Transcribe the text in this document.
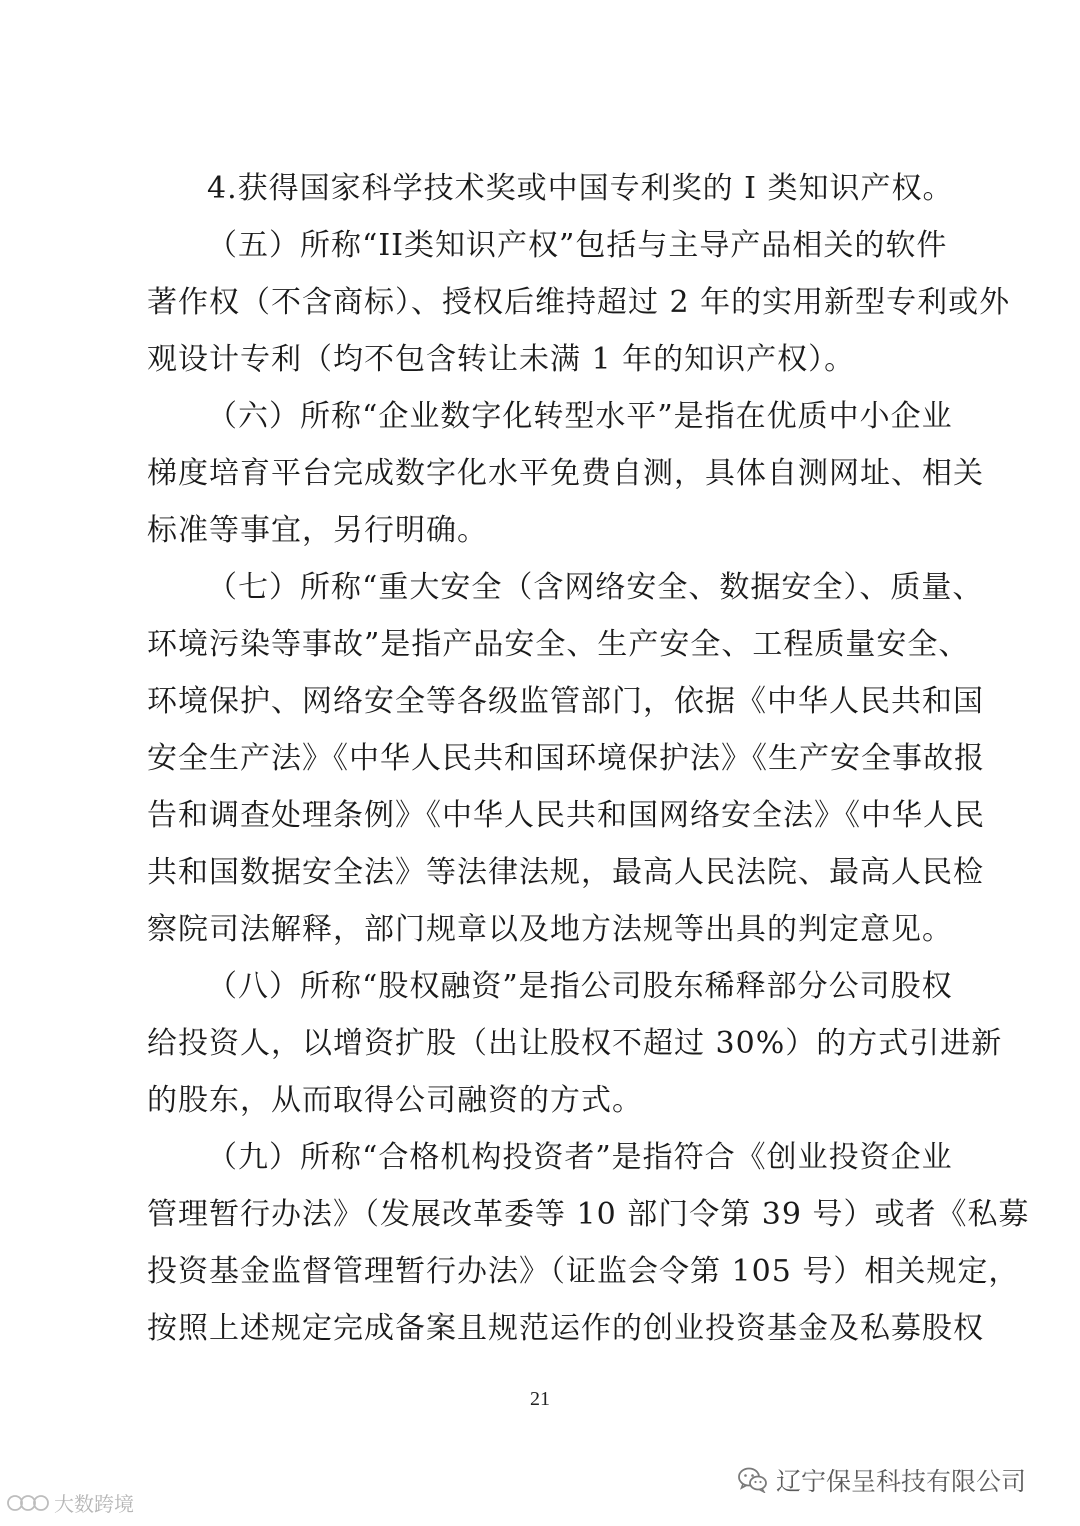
4.获得国家科学技术奖或中国专利奖的 I 类知识产权。
（五）所称“II类知识产权”包括与主导产品相关的软件
著作权（不含商标）、授权后维持超过 2 年的实用新型专利或外
观设计专利（均不包含转让未满 1 年的知识产权）。
（六）所称“企业数字化转型水平”是指在优质中小企业
梯度培育平台完成数字化水平免费自测，具体自测网址、相关
标准等事宜，另行明确。
（七）所称“重大安全（含网络安全、数据安全）、质量、
环境污染等事故”是指产品安全、生产安全、工程质量安全、
环境保护、网络安全等各级监管部门，依据《中华人民共和国
安全生产法》《中华人民共和国环境保护法》《生产安全事故报
告和调查处理条例》《中华人民共和国网络安全法》《中华人民
共和国数据安全法》等法律法规，最高人民法院、最高人民检
察院司法解释，部门规章以及地方法规等出具的判定意见。
（八）所称“股权融资”是指公司股东稀释部分公司股权
给投资人，以增资扩股（出让股权不超过 30%）的方式引进新
的股东，从而取得公司融资的方式。
（九）所称“合格机构投资者”是指符合《创业投资企业
管理暂行办法》（发展改革委等 10 部门令第 39 号）或者《私募
投资基金监督管理暂行办法》（证监会令第 105 号）相关规定，
按照上述规定完成备案且规范运作的创业投资基金及私募股权
21
辽宁保呈科技有限公司
大数跨境
